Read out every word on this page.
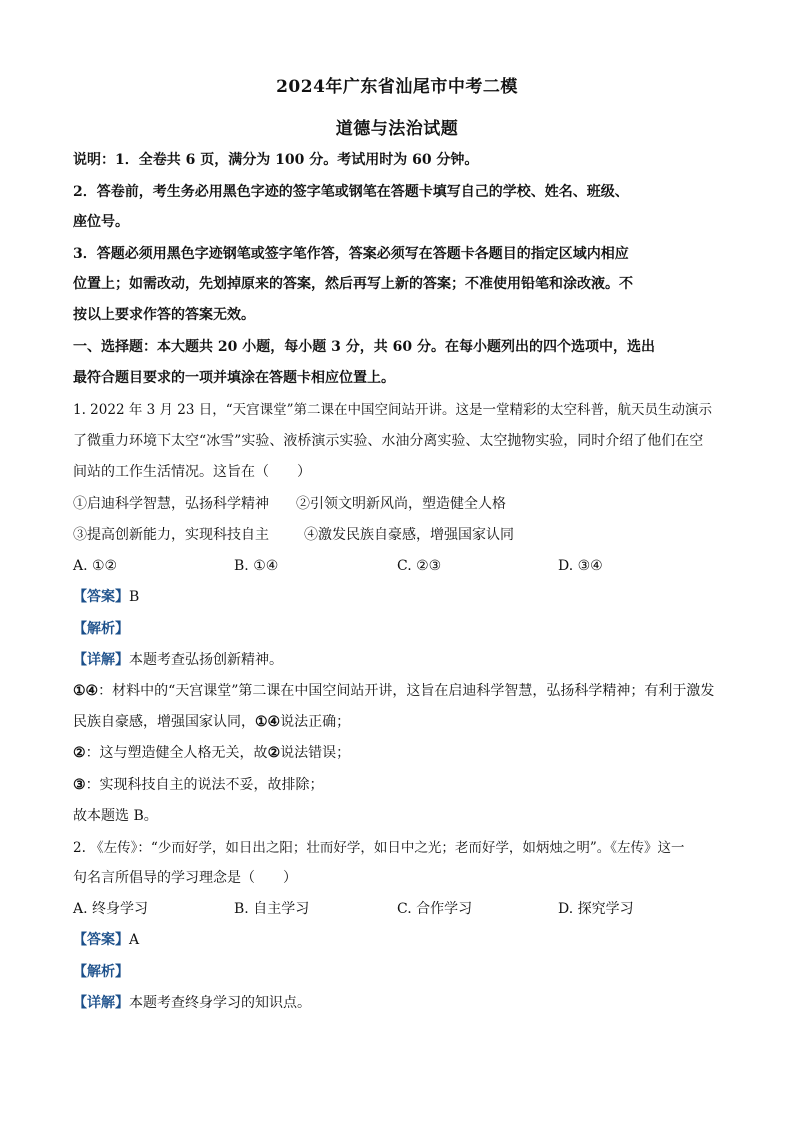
2024年广东省汕尾市中考二模
道德与法治试题
说明：1．全卷共 6 页，满分为 100 分。考试用时为 60 分钟。
2．答卷前，考生务必用黑色字迹的签字笔或钢笔在答题卡填写自己的学校、姓名、班级、
座位号。
3．答题必须用黑色字迹钢笔或签字笔作答，答案必须写在答题卡各题目的指定区域内相应
位置上；如需改动，先划掉原来的答案，然后再写上新的答案；不准使用铅笔和涂改液。不
按以上要求作答的答案无效。
一、选择题：本大题共 20 小题，每小题 3 分，共 60 分。在每小题列出的四个选项中，选出
最符合题目要求的一项并填涂在答题卡相应位置上。
1. 2022 年 3 月 23 日，“天宫课堂”第二课在中国空间站开讲。这是一堂精彩的太空科普，航天员生动演示
了微重力环境下太空“冰雪”实验、液桥演示实验、水油分离实验、太空抛物实验，同时介绍了他们在空
间站的工作生活情况。这旨在（　　）
①启迪科学智慧，弘扬科学精神 ②引领文明新风尚，塑造健全人格
③提高创新能力，实现科技自主	④激发民族自豪感，增强国家认同
A. ①②	B. ①④	C. ②③	D. ③④
【答案】B
【解析】
【详解】本题考查弘扬创新精神。
①④：材料中的“天宫课堂”第二课在中国空间站开讲，这旨在启迪科学智慧，弘扬科学精神；有利于激发
民族自豪感，增强国家认同，①④说法正确；
②：这与塑造健全人格无关，故②说法错误；
③：实现科技自主的说法不妥，故排除；
故本题选 B。
2. 《左传》：“少而好学，如日出之阳；壮而好学，如日中之光；老而好学，如炳烛之明”。《左传》这一
句名言所倡导的学习理念是（　　）
A. 终身学习	B. 自主学习	C. 合作学习	D. 探究学习
【答案】A
【解析】
【详解】本题考查终身学习的知识点。
